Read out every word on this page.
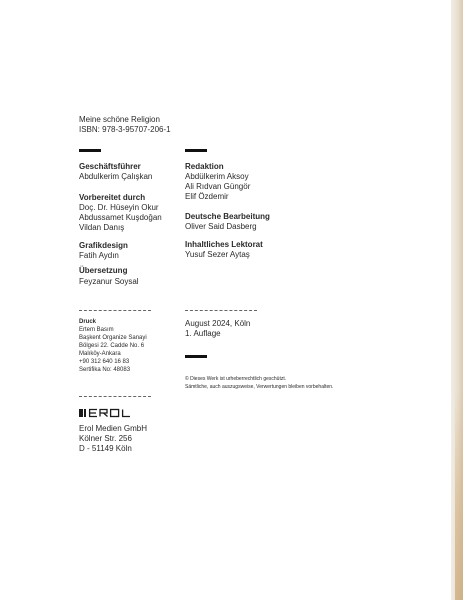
Meine schöne Religion
ISBN: 978-3-95707-206-1
Geschäftsführer
Abdulkerim Çalışkan
Vorbereitet durch
Doç. Dr. Hüseyin Okur
Abdussamet Kuşdoğan
Vildan Danış
Grafikdesign
Fatih Aydın
Übersetzung
Feyzanur Soysal
Redaktion
Abdülkerim Aksoy
Ali Rıdvan Güngör
Elif Özdemir
Deutsche Bearbeitung
Oliver Said Dasberg
Inhaltliches Lektorat
Yusuf Sezer Aytaş
Druck
Ertem Basım
Başkent Organize Sanayi
Bölgesi 22. Cadde No. 6
Malıköy-Ankara
+90 312 640 16 83
Sertifika No: 48083
August 2024, Köln
1. Auflage
© Dieses Werk ist urheberrechtlich geschützt.
Sämtliche, auch auszugsweise, Verwertungen bleiben vorbehalten.
Erol Medien GmbH
Kölner Str. 256
D - 51149 Köln
